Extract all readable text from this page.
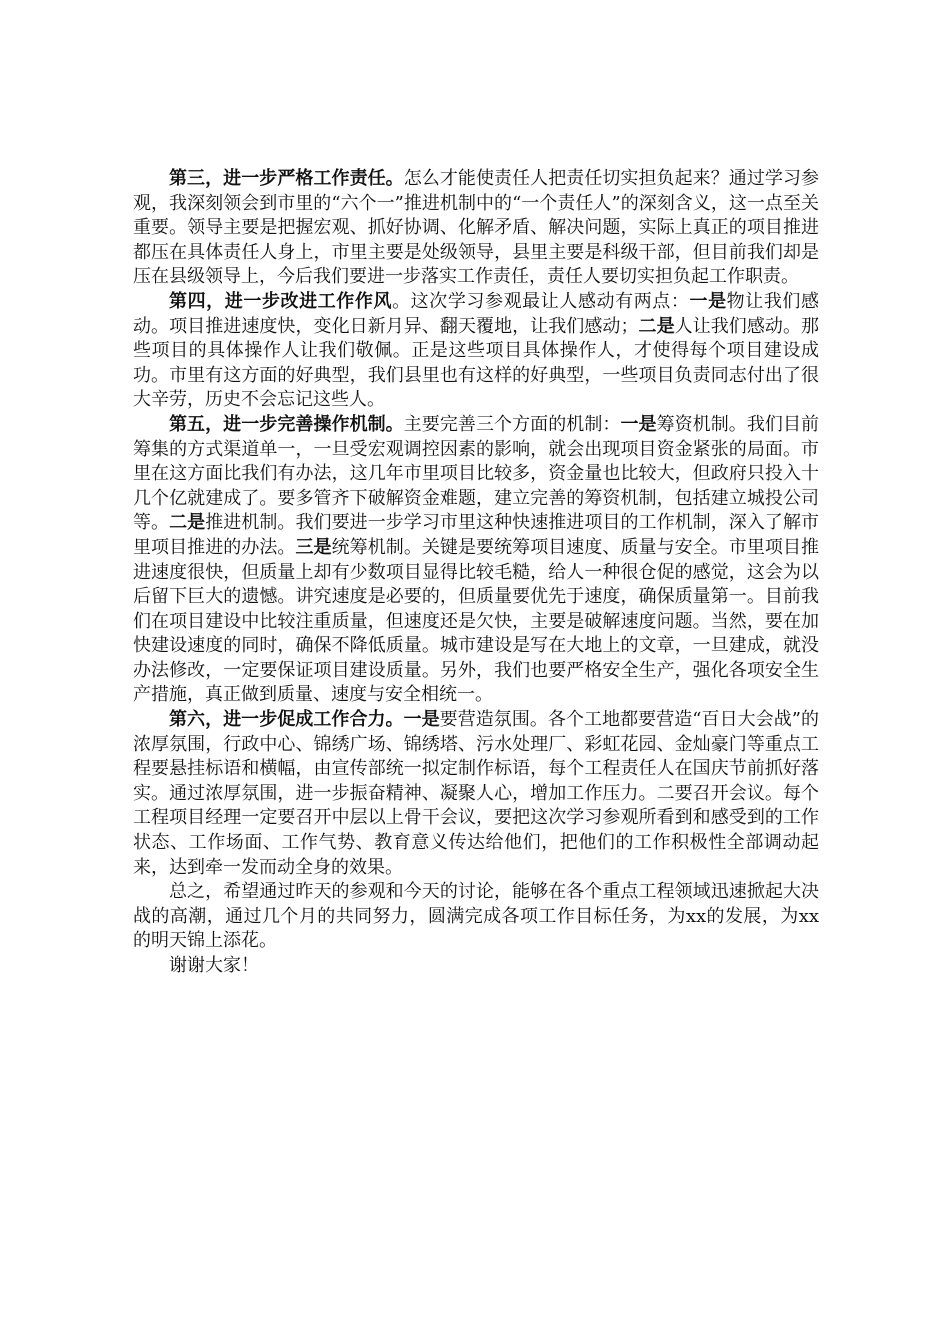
第三，进一步严格工作责任。怎么才能使责任人把责任切实担负起来？通过学习参观，我深刻领会到市里的“六个一”推进机制中的“一个责任人”的深刻含义，这一点至关重要。领导主要是把握宏观、抓好协调、化解矛盾、解决问题，实际上真正的项目推进都压在具体责任人身上，市里主要是处级领导，县里主要是科级干部，但目前我们却是压在县级领导上，今后我们要进一步落实工作责任，责任人要切实担负起工作职责。

第四，进一步改进工作作风。这次学习参观最让人感动有两点：一是物让我们感动。项目推进速度快，变化日新月异、翻天覆地，让我们感动；二是人让我们感动。那些项目的具体操作人让我们敬佩。正是这些项目具体操作人，才使得每个项目建设成功。市里有这方面的好典型，我们县里也有这样的好典型，一些项目负责同志付出了很大辛劳，历史不会忘记这些人。

第五，进一步完善操作机制。主要完善三个方面的机制：一是筹资机制。我们目前筹集的方式渠道单一，一旦受宏观调控因素的影响，就会出现项目资金紧张的局面。市里在这方面比我们有办法，这几年市里项目比较多，资金量也比较大，但政府只投入十几个亿就建成了。要多管齐下破解资金难题，建立完善的筹资机制，包括建立城投公司等。二是推进机制。我们要进一步学习市里这种快速推进项目的工作机制，深入了解市里项目推进的办法。三是统筹机制。关键是要统筹项目速度、质量与安全。市里项目推进速度很快，但质量上却有少数项目显得比较毛糙，给人一种很仓促的感觉，这会为以后留下巨大的遗憾。讲究速度是必要的，但质量要优先于速度，确保质量第一。目前我们在项目建设中比较注重质量，但速度还是欠快，主要是破解速度问题。当然，要在加快建设速度的同时，确保不降低质量。城市建设是写在大地上的文章，一旦建成，就没办法修改，一定要保证项目建设质量。另外，我们也要严格安全生产，强化各项安全生产措施，真正做到质量、速度与安全相统一。

第六，进一步促成工作合力。一是要营造氛围。各个工地都要营造“百日大会战”的浓厚氛围，行政中心、锦绣广场、锦绣塔、污水处理厂、彩虹花园、金灿豪门等重点工程要悬挂标语和横幅，由宣传部统一拟定制作标语，每个工程责任人在国庆节前抓好落实。通过浓厚氛围，进一步振奋精神、凝聚人心，增加工作压力。二要召开会议。每个工程项目经理一定要召开中层以上骨干会议，要把这次学习参观所看到和感受到的工作状态、工作场面、工作气势、教育意义传达给他们，把他们的工作积极性全部调动起来，达到牵一发而动全身的效果。

总之，希望通过昨天的参观和今天的讨论，能够在各个重点工程领域迅速掀起大决战的高潮，通过几个月的共同努力，圆满完成各项工作目标任务，为xx的发展，为xx的明天锦上添花。

谢谢大家！
